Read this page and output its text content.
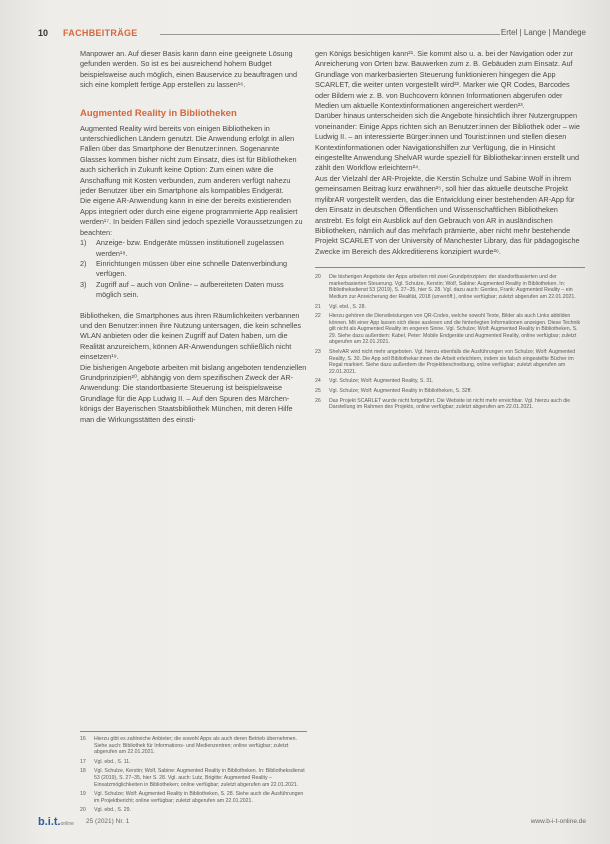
10 FACHBEITRÄGE	Ertel | Lange | Mandege

Manpower an. Auf dieser Basis kann dann eine geeignete Lösung gefunden werden. So ist es bei ausreichend hohem Budget beispielsweise auch möglich, einen Bauservice zu beauftragen und sich eine komplett fertige App erstellen zu lassen¹⁶.

Augmented Reality in Bibliotheken

Augmented Reality wird bereits von einigen Bibliotheken in unterschiedlichen Ländern genutzt. Die Anwendung erfolgt in allen Fällen über das Smartphone der Benutzer:innen. Sogenannte Glasses kommen bisher nicht zum Einsatz, dies ist für Bibliotheken auch sicherlich in Zukunft keine Option: Zum einen wäre die Anschaffung mit Kosten verbunden, zum anderen verfügt nahezu jeder Benutzer über ein Smartphone als kompatibles Endgerät.

Die eigene AR-Anwendung kann in eine der bereits existierenden Apps integriert oder durch eine eigene programmierte App realisiert werden¹⁷. In beiden Fällen sind jedoch spezielle Voraussetzungen zu beachten:

1) Anzeige- bzw. Endgeräte müssen institutionell zugelassen werden¹⁸.
2) Einrichtungen müssen über eine schnelle Datenverbindung verfügen.
3) Zugriff auf – auch von Online- – aufbereiteten Daten muss möglich sein.

Bibliotheken, die Smartphones aus ihren Räumlichkeiten verbannen und den Benutzer:innen ihre Nutzung untersagen, die kein schnelles WLAN anbieten oder die keinen Zugriff auf Daten haben, um die Realität anzureichern, können AR-Anwendungen schließlich nicht einsetzen¹⁹.

Die bisherigen Angebote arbeiten mit bislang angeboten tendenziellen Grundprinzipien²⁰, abhängig von dem spezifischen Zweck der AR-Anwendung: Die standortbasierte Steuerung ist beispielsweise Grundlage für die App Ludwig II. – Auf den Spuren des Märchenkönigs der Bayerischen Staatsbibliothek München, mit deren Hilfe man die Wirkungsstätten des einsti-

gen Königs besichtigen kann²¹. Sie kommt also u. a. bei der Navigation oder zur Anreicherung von Orten bzw. Bauwerken zum z. B. Gebäuden zum Einsatz. Auf Grundlage von markerbasierten Steuerung funktionieren hingegen die App SCARLET, die weiter unten vorgestellt wird²². Marker wie QR Codes, Barcodes oder Bildern wie z. B. von Buchcovern können Informationen abgerufen oder Medien um aktuelle Kontextinformationen angereichert werden²³.

Darüber hinaus unterscheiden sich die Angebote hinsichtlich ihrer Nutzergruppen voneinander: Einige Apps richten sich an Benutzer:innen der Bibliothek oder – wie Ludwig II. – an interessierte Bürger:innen und Tourist:innen und stellen diesen Kontextinformationen oder Navigationshilfen zur Verfügung, die in Hinsicht eingestellte Anwendung ShelvAR wurde speziell für Bibliothekar:innen erstellt und zählt den Workflow erleichtern²⁴.

Aus der Vielzahl der AR-Projekte, die Kerstin Schulze und Sabine Wolf in ihrem gemeinsamen Beitrag kurz erwähnen²⁵, soll hier das aktuelle deutsche Projekt mylibrAR vorgestellt werden, das die Entwicklung einer bestehenden AR-App für den Einsatz in deutschen Öffentlichen und Wissenschaftlichen Bibliotheken anstrebt. Es folgt ein Ausblick auf den Gebrauch von AR in ausländischen Bibliotheken, nämlich auf das mehrfach prämierte, aber nicht mehr bestehende Projekt SCARLET von der University of Manchester Library, das für pädagogische Zwecke im Bereich des Akkreditierens konzipiert wurde²⁶.

20 Die bisherigen Angebote der Apps arbeiten mit zwei Grundprinzipien: der standortbasierten und der markerbasierten Steuerung. Vgl. Schulze, Kerstin; Wolf, Sabine: Augmented Reality in Bibliotheken. In: Bibliotheksdienst 53 (2019), S. 27–35, hier S. 28. Vgl. dazu auch: Gerdes, Frank: Augmented Reality – ein Medium zur Anreicherung der Realität, 2018 (unveröff.), online verfügbar; zuletzt abgerufen am 22.01.2021.

21 Vgl. ebd., S. 28.

22 Hierzu gehören die Dienstleistungen von QR-Codes, welche sowohl Texte, Bilder als auch Links abbilden können. Mit einer App lassen sich diese auslesen und die hinterlegten Informationen anzeigen. Diese Technik gilt nicht als Augmented Reality im engeren Sinne. Vgl. Schulze; Wolf: Augmented Reality in Bibliotheken, S. 29. Siehe dazu außerdem: Kabel, Peter: Mobile Endgeräte und Augmented Reality, online verfügbar; zuletzt abgerufen am 22.01.2021.

23 ShelvAR wird nicht mehr angeboten. Vgl. hierzu ebenfalls die Ausführungen von Schulze; Wolf: Augmented Reality, S. 30. Die App soll Bibliothekar:innen die Arbeit erleichtern, indem sie falsch eingestellte Bücher im Regal markiert. Siehe dazu außerdem die Projektbeschreibung, online verfügbar; zuletzt abgerufen am 22.01.2021.

24 Vgl. Schulze; Wolf: Augmented Reality, S. 31.

25 Vgl. Schulze; Wolf: Augmented Reality in Bibliotheken, S. 32ff.

26 Das Projekt SCARLET wurde nicht fortgeführt. Die Website ist nicht mehr erreichbar. Vgl. hierzu auch die Darstellung im Rahmen des Projekts, online verfügbar; zuletzt abgerufen am 22.01.2021.

16 Hierzu gibt es zahlreiche Anbieter; die sowohl Apps als auch deren Betrieb übernehmen. Siehe auch: Bibliothek für Informations- und Medienzentren; online verfügbar; zuletzt abgerufen am 22.01.2021.

17 Vgl. ebd., S. 11.

18 Vgl. Schulze, Kerstin; Wolf, Sabine: Augmented Reality in Bibliotheken. In: Bibliotheksdienst 53 (2019), S. 27–35, hier S. 28. Vgl. auch: Lutz, Brigitte: Augmented Reality – Einsatzmöglichkeiten in Bibliotheken; online verfügbar; zuletzt abgerufen am 22.01.2021.

19 Vgl. Schulze; Wolf: Augmented Reality in Bibliotheken, S. 28. Siehe auch die Ausführungen im Projektbericht; online verfügbar; zuletzt abgerufen am 22.01.2021.

20 Vgl. ebd., S. 29.

b.i.t.online 25 (2021) Nr. 1	www.b-i-t-online.de
